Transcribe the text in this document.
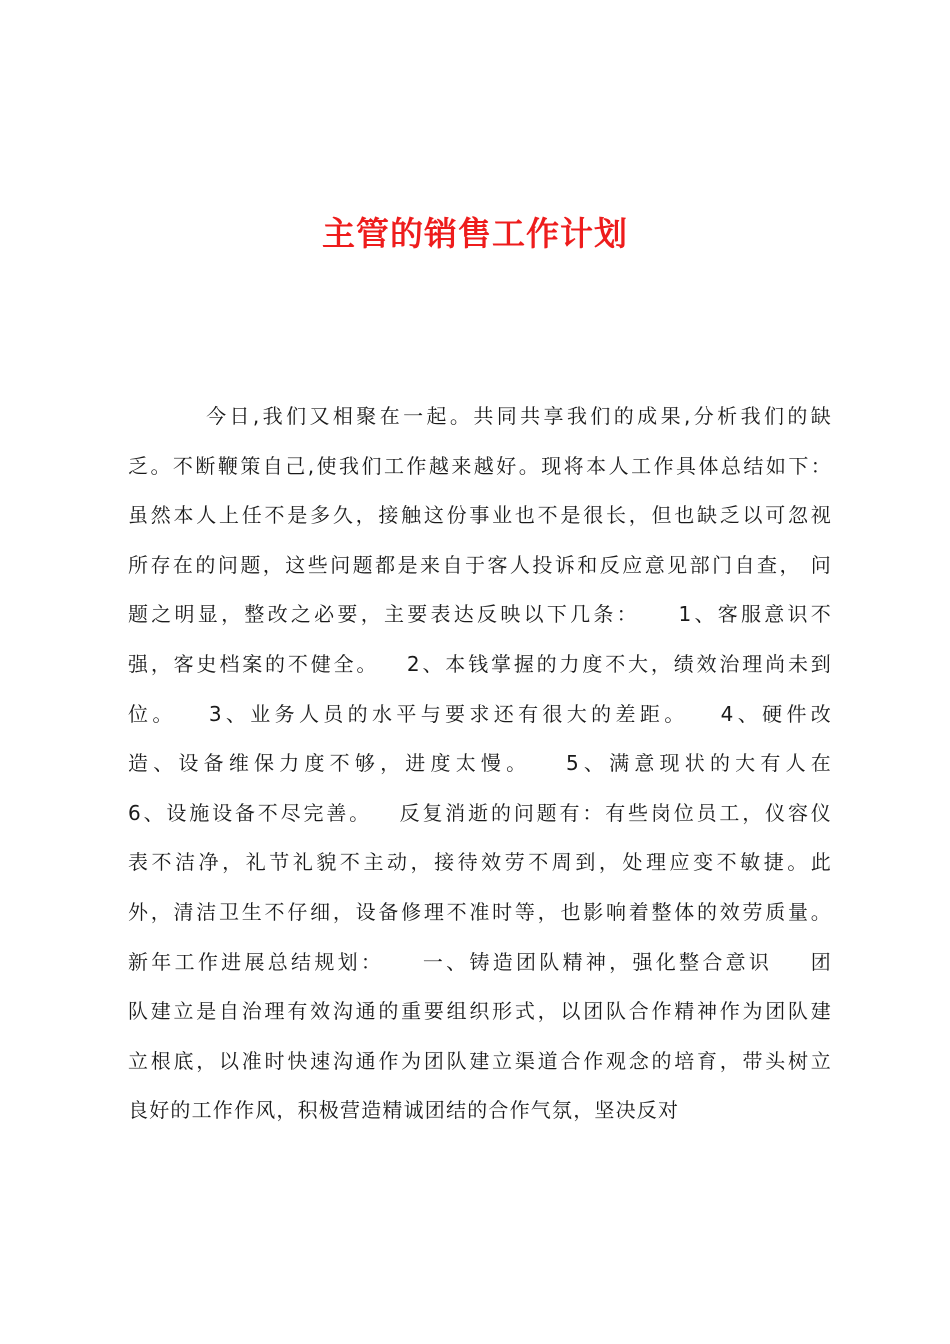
主管的销售工作计划
今日,我们又相聚在一起。共同共享我们的成果,分析我们的缺
乏。不断鞭策自己,使我们工作越来越好。现将本人工作具体总结如下：
虽然本人上任不是多久，接触这份事业也不是很长，但也缺乏以可忽视
所存在的问题，这些问题都是来自于客人投诉和反应意见部门自查， 问
题之明显，整改之必要，主要表达反映以下几条：    1、客服意识不
强，客史档案的不健全。   2、本钱掌握的力度不大，绩效治理尚未到
位。   3、业务人员的水平与要求还有很大的差距。   4、硬件改
造、设备维保力度不够，进度太慢。   5、满意现状的大有人在
6、设施设备不尽完善。   反复消逝的问题有：有些岗位员工，仪容仪
表不洁净，礼节礼貌不主动，接待效劳不周到，处理应变不敏捷。此
外，清洁卫生不仔细，设备修理不准时等，也影响着整体的效劳质量。
新年工作进展总结规划：    一、铸造团队精神，强化整合意识    团
队建立是自治理有效沟通的重要组织形式，以团队合作精神作为团队建
立根底，以准时快速沟通作为团队建立渠道合作观念的培育，带头树立
良好的工作作风，积极营造精诚团结的合作气氛，坚决反对
